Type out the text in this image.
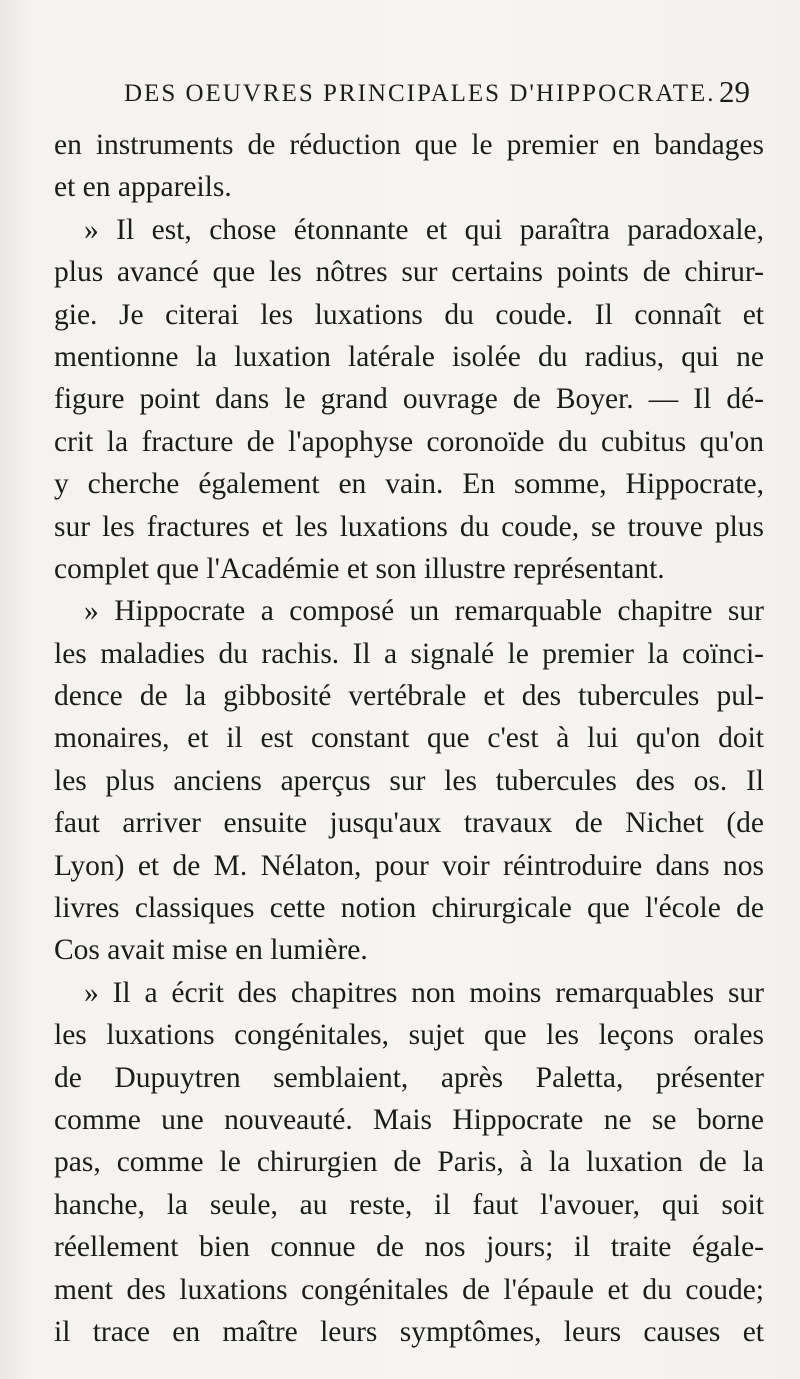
DES OEUVRES PRINCIPALES D'HIPPOCRATE. 29
en instruments de réduction que le premier en bandages
et en appareils.
» Il est, chose étonnante et qui paraîtra paradoxale,
plus avancé que les nôtres sur certains points de chirur-
gie. Je citerai les luxations du coude. Il connaît et
mentionne la luxation latérale isolée du radius, qui ne
figure point dans le grand ouvrage de Boyer. — Il dé-
crit la fracture de l'apophyse coronoïde du cubitus qu'on
y cherche également en vain. En somme, Hippocrate,
sur les fractures et les luxations du coude, se trouve plus
complet que l'Académie et son illustre représentant.
» Hippocrate a composé un remarquable chapitre sur
les maladies du rachis. Il a signalé le premier la coïnci-
dence de la gibbosité vertébrale et des tubercules pul-
monaires, et il est constant que c'est à lui qu'on doit
les plus anciens aperçus sur les tubercules des os. Il
faut arriver ensuite jusqu'aux travaux de Nichet (de
Lyon) et de M. Nélaton, pour voir réintroduire dans nos
livres classiques cette notion chirurgicale que l'école de
Cos avait mise en lumière.
» Il a écrit des chapitres non moins remarquables sur
les luxations congénitales, sujet que les leçons orales
de Dupuytren semblaient, après Paletta, présenter
comme une nouveauté. Mais Hippocrate ne se borne
pas, comme le chirurgien de Paris, à la luxation de la
hanche, la seule, au reste, il faut l'avouer, qui soit
réellement bien connue de nos jours; il traite égale-
ment des luxations congénitales de l'épaule et du coude;
il trace en maître leurs symptômes, leurs causes et
